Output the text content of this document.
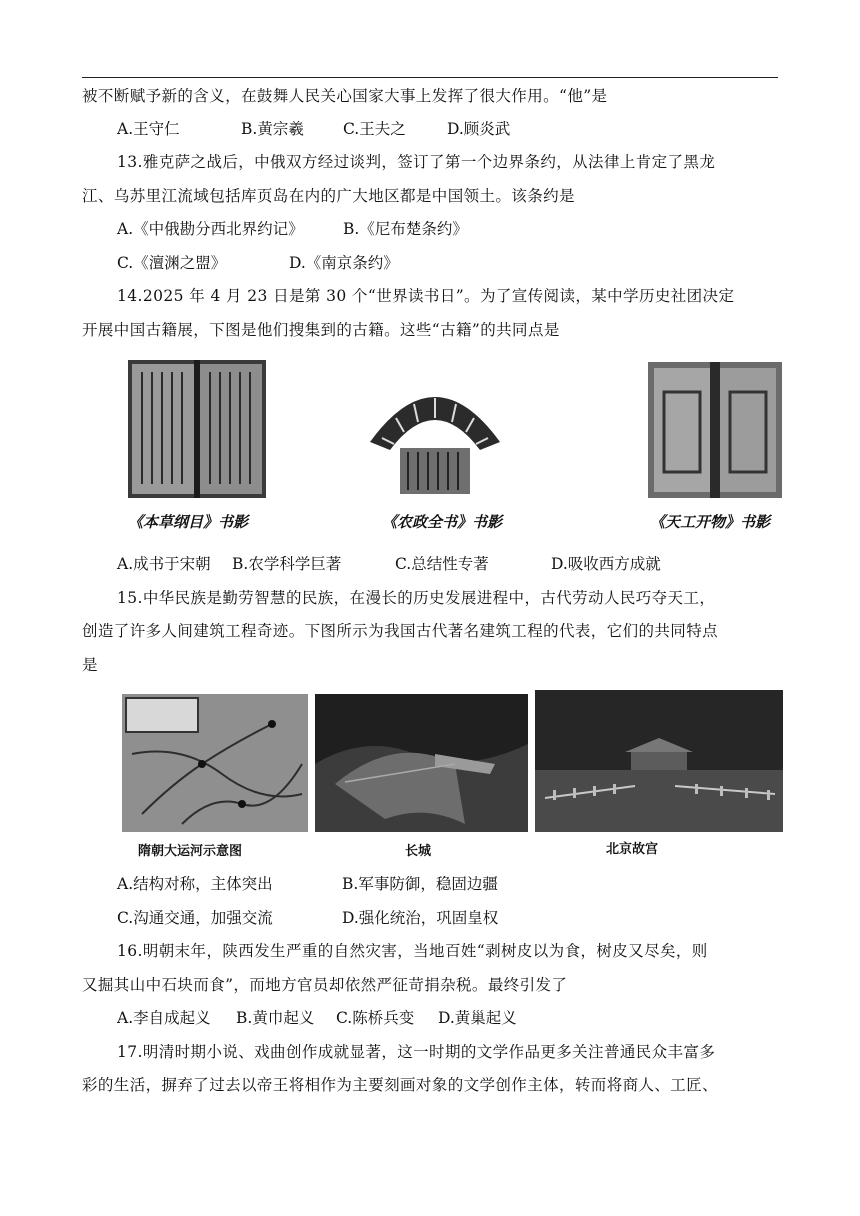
被不断赋予新的含义，在鼓舞人民关心国家大事上发挥了很大作用。“他”是
A.王守仁	B.黄宗羲	C.王夫之	D.顾炎武
13.雅克萨之战后，中俄双方经过谈判，签订了第一个边界条约，从法律上肯定了黑龙
江、乌苏里江流域包括库页岛在内的广大地区都是中国领土。该条约是
A.《中俄勘分西北界约记》	B.《尼布楚条约》
C.《澶渊之盟》	D.《南京条约》
14.2025 年 4 月 23 日是第 30 个“世界读书日”。为了宣传阅读，某中学历史社团决定
开展中国古籍展，下图是他们搜集到的古籍。这些“古籍”的共同点是
《本草纲目》书影	《农政全书》书影	《天工开物》书影
A.成书于宋朝 B.农学科学巨著	C.总结性专著	D.吸收西方成就
15.中华民族是勤劳智慧的民族，在漫长的历史发展进程中，古代劳动人民巧夺天工，
创造了许多人间建筑工程奇迹。下图所示为我国古代著名建筑工程的代表，它们的共同特点
是
隋朝大运河示意图	长城	北京故宫
A.结构对称，主体突出	B.军事防御，稳固边疆
C.沟通交通，加强交流	D.强化统治，巩固皇权
16.明朝末年，陕西发生严重的自然灾害，当地百姓“剥树皮以为食，树皮又尽矣，则
又掘其山中石块而食”，而地方官员却依然严征苛捐杂税。最终引发了
A.李自成起义 B.黄巾起义 C.陈桥兵变 D.黄巢起义
17.明清时期小说、戏曲创作成就显著，这一时期的文学作品更多关注普通民众丰富多
彩的生活，摒弃了过去以帝王将相作为主要刻画对象的文学创作主体，转而将商人、工匠、
